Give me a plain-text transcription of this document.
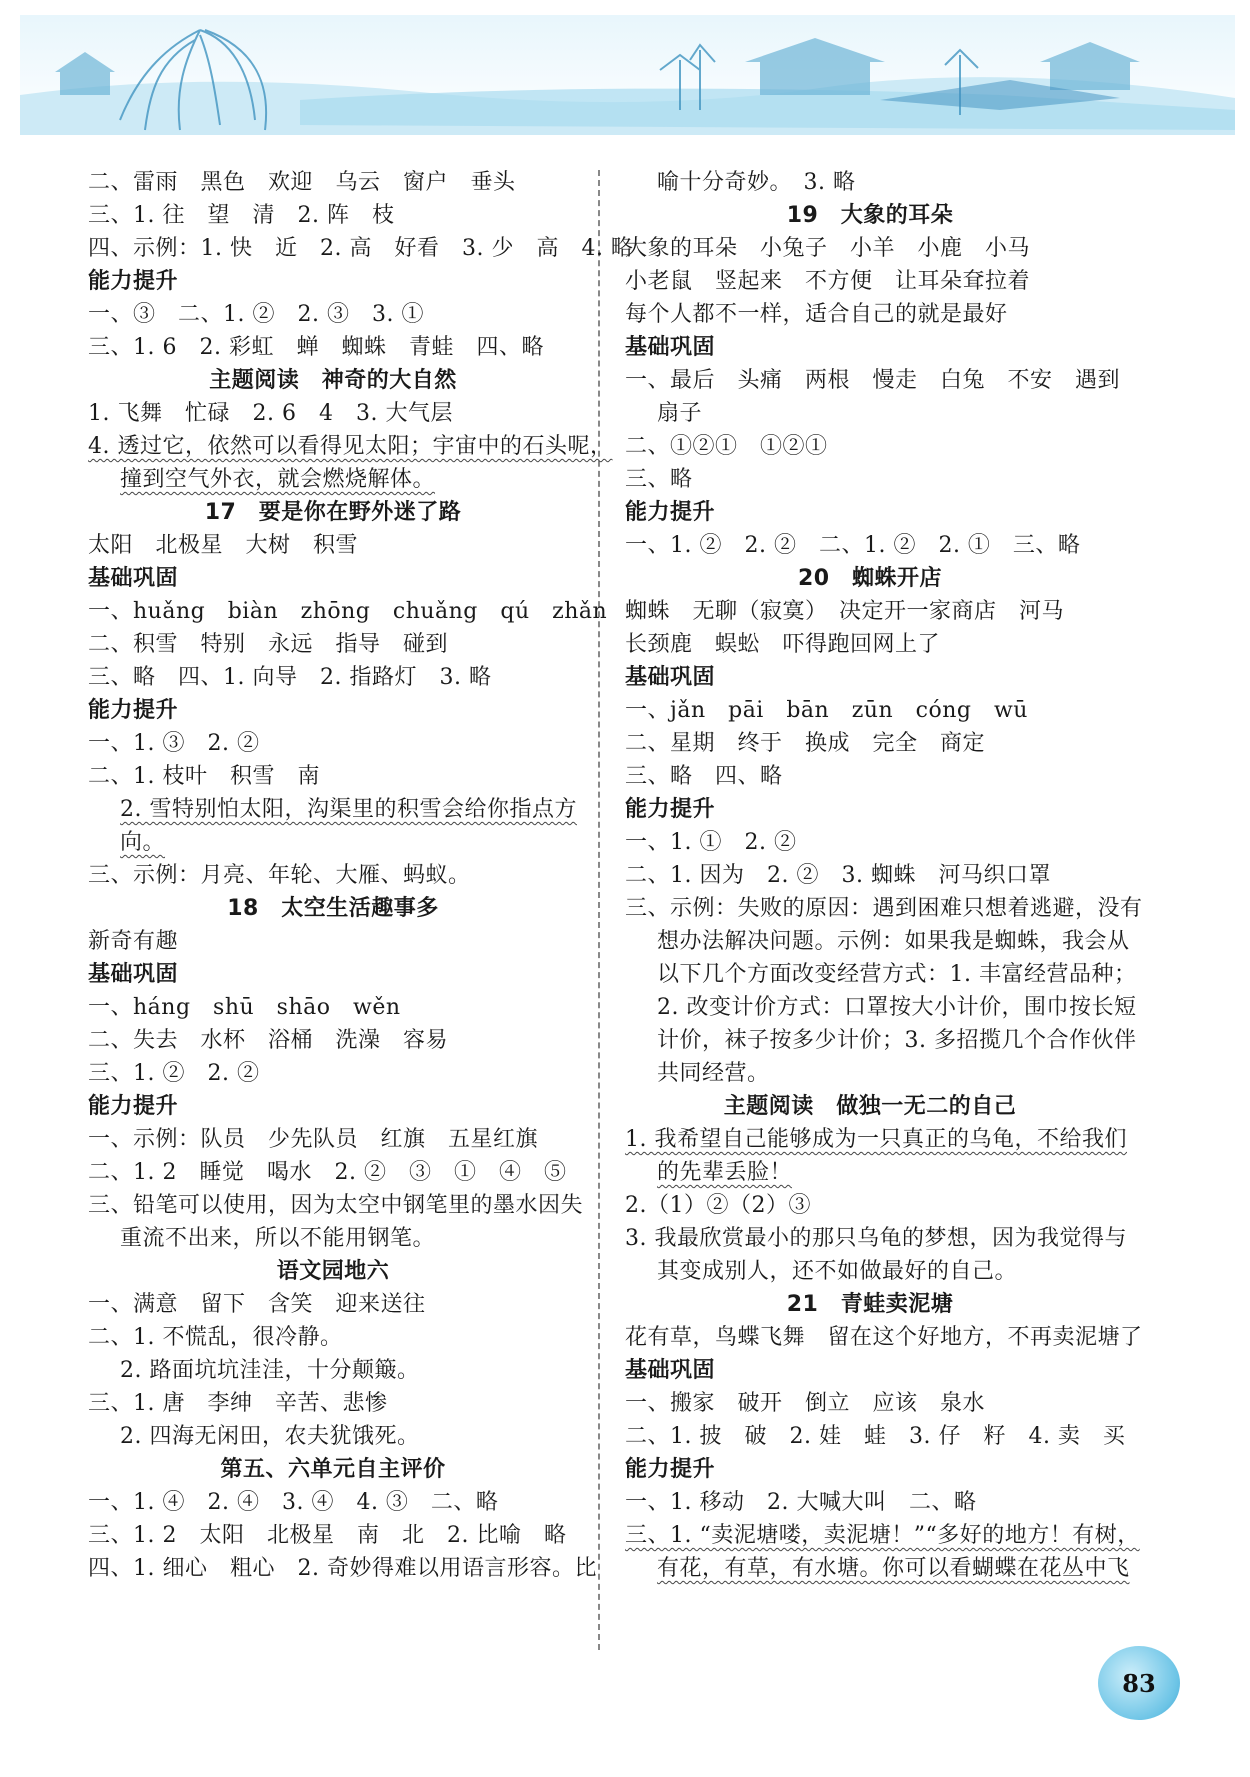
二、雷雨　黑色　欢迎　乌云　窗户　垂头
三、1. 往　望　清　2. 阵　枝
四、示例：1. 快　近　2. 高　好看　3. 少　高　4. 略
能力提升
一、③　二、1. ②　2. ③　3. ①
三、1. 6　2. 彩虹　蝉　蜘蛛　青蛙　四、略
主题阅读　神奇的大自然
1. 飞舞　忙碌　2. 6　4　3. 大气层
4. 透过它，依然可以看得见太阳；宇宙中的石头呢，
撞到空气外衣，就会燃烧解体。
17　要是你在野外迷了路
太阳　北极星　大树　积雪
基础巩固
一、huǎng　biàn　zhōng　chuǎng　qú　zhǎn
二、积雪　特别　永远　指导　碰到
三、略　四、1. 向导　2. 指路灯　3. 略
能力提升
一、1. ③　2. ②
二、1. 枝叶　积雪　南
2. 雪特别怕太阳，沟渠里的积雪会给你指点方
向。
三、示例：月亮、年轮、大雁、蚂蚁。
18　太空生活趣事多
新奇有趣
基础巩固
一、háng　shū　shāo　wěn
二、失去　水杯　浴桶　洗澡　容易
三、1. ②　2. ②
能力提升
一、示例：队员　少先队员　红旗　五星红旗
二、1. 2　睡觉　喝水　2. ②　③　①　④　⑤
三、铅笔可以使用，因为太空中钢笔里的墨水因失
重流不出来，所以不能用钢笔。
语文园地六
一、满意　留下　含笑　迎来送往
二、1. 不慌乱，很冷静。
2. 路面坑坑洼洼，十分颠簸。
三、1. 唐　李绅　辛苦、悲惨
2. 四海无闲田，农夫犹饿死。
第五、六单元自主评价
一、1. ④　2. ④　3. ④　4. ③　二、略
三、1. 2　太阳　北极星　南　北　2. 比喻　略
四、1. 细心　粗心　2. 奇妙得难以用语言形容。比
喻十分奇妙。　3. 略
19　大象的耳朵
大象的耳朵　小兔子　小羊　小鹿　小马
小老鼠　竖起来　不方便　让耳朵耷拉着
每个人都不一样，适合自己的就是最好
基础巩固
一、最后　头痛　两根　慢走　白兔　不安　遇到
扇子
二、①②①　①②①
三、略
能力提升
一、1. ②　2. ②　二、1. ②　2. ①　三、略
20　蜘蛛开店
蜘蛛　无聊（寂寞）　决定开一家商店　河马
长颈鹿　蜈蚣　吓得跑回网上了
基础巩固
一、jǎn　pāi　bān　zūn　cóng　wū
二、星期　终于　换成　完全　商定
三、略　四、略
能力提升
一、1. ①　2. ②
二、1. 因为　2. ②　3. 蜘蛛　河马织口罩
三、示例：失败的原因：遇到困难只想着逃避，没有
想办法解决问题。示例：如果我是蜘蛛，我会从
以下几个方面改变经营方式：1. 丰富经营品种；
2. 改变计价方式：口罩按大小计价，围巾按长短
计价，袜子按多少计价；3. 多招揽几个合作伙伴
共同经营。
主题阅读　做独一无二的自己
1. 我希望自己能够成为一只真正的乌龟，不给我们
的先辈丢脸！
2.（1）②（2）③
3. 我最欣赏最小的那只乌龟的梦想，因为我觉得与
其变成别人，还不如做最好的自己。
21　青蛙卖泥塘
花有草，鸟蝶飞舞　留在这个好地方，不再卖泥塘了
基础巩固
一、搬家　破开　倒立　应该　泉水
二、1. 披　破　2. 娃　蛙　3. 仔　籽　4. 卖　买
能力提升
一、1. 移动　2. 大喊大叫　二、略
三、1. “卖泥塘喽，卖泥塘！”“多好的地方！有树，
有花，有草，有水塘。你可以看蝴蝶在花丛中飞
83
